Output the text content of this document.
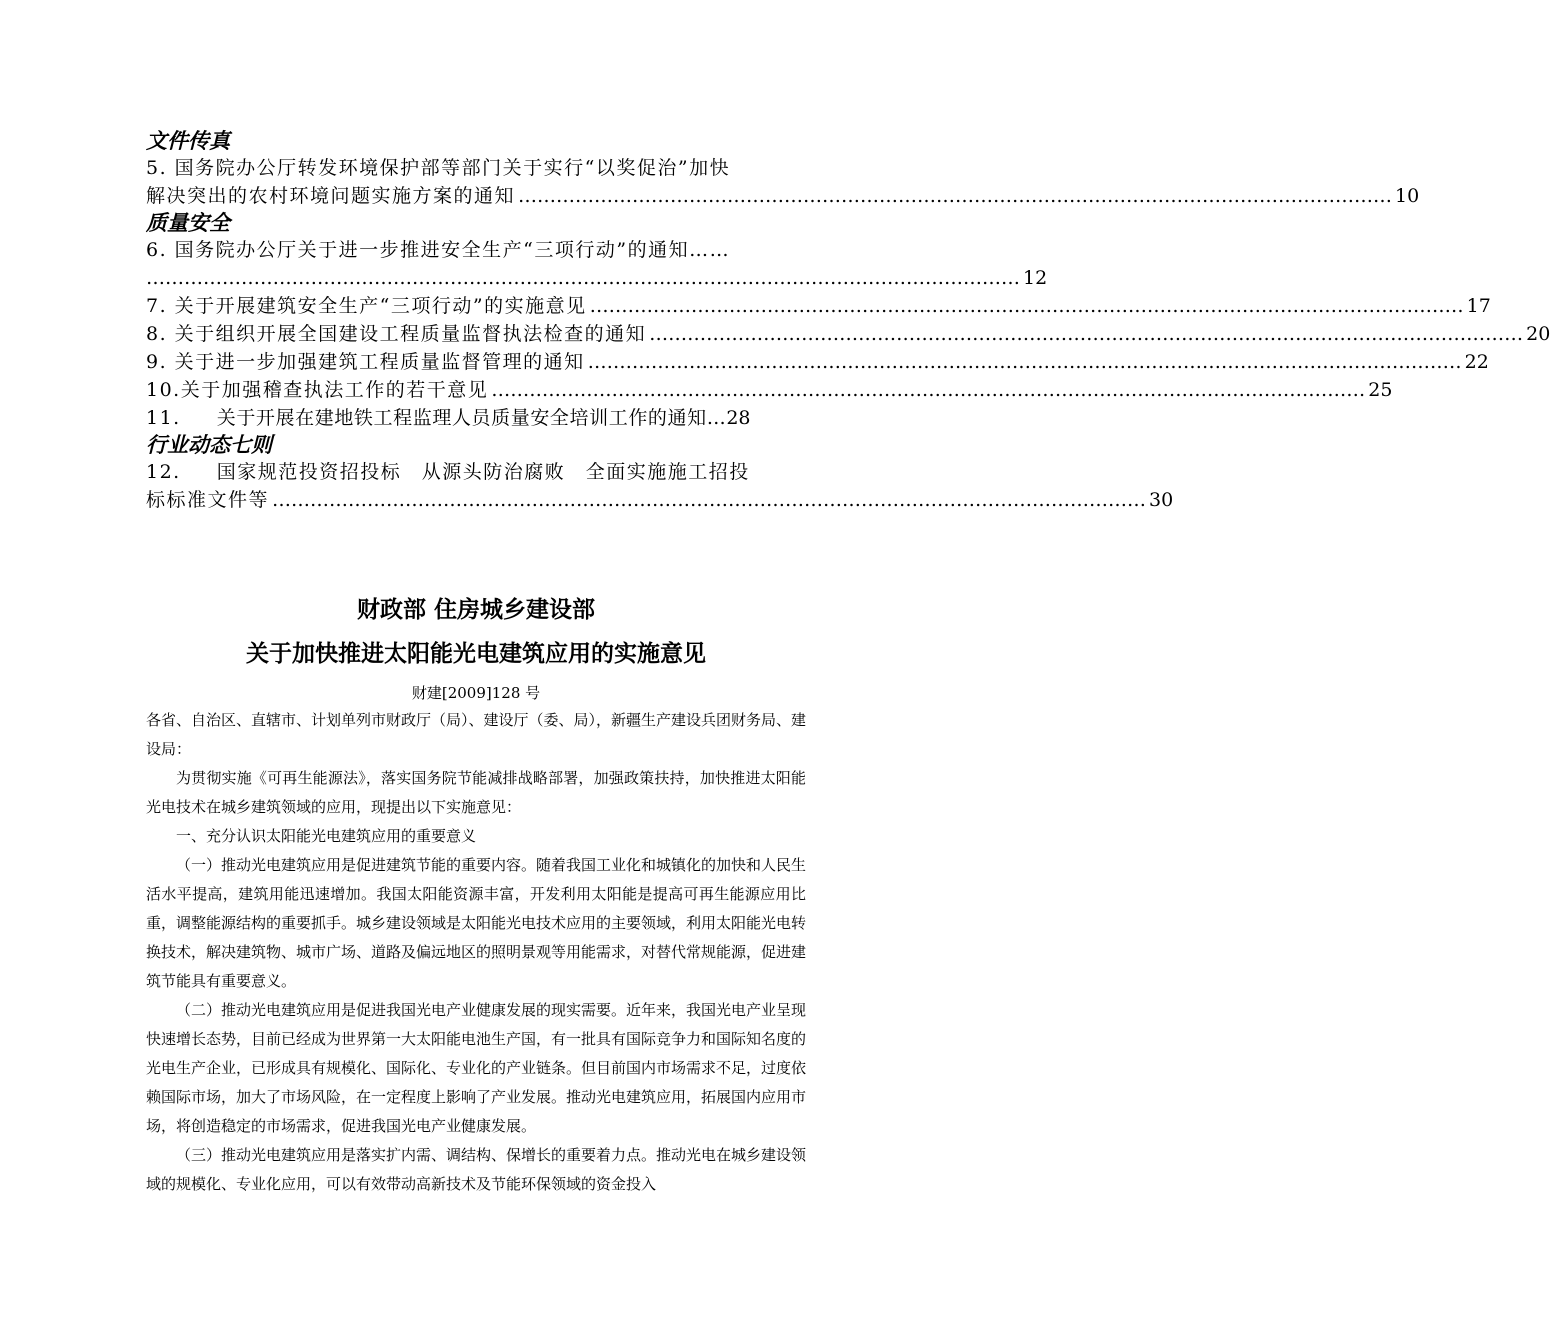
文件传真
5. 国务院办公厅转发环境保护部等部门关于实行“以奖促治”加快
解决突出的农村环境问题实施方案的通知 ………………………………………………………………………………………………………………………… 10
质量安全
6. 国务院办公厅关于进一步推进安全生产“三项行动”的通知……
………………………………………………………………………………………………………………………… 12
7. 关于开展建筑安全生产“三项行动”的实施意见 ………………………………………………………………………………………………………………………… 17
8. 关于组织开展全国建设工程质量监督执法检查的通知 ………………………………………………………………………………………………………………………… 20
9. 关于进一步加强建筑工程质量监督管理的通知 ………………………………………………………………………………………………………………………… 22
10. 关于加强稽查执法工作的若干意见 ………………………………………………………………………………………………………………………… 25
11. 关于开展在建地铁工程监理人员质量安全培训工作的通知… 28
行业动态七则
12. 国家规范投资招投标　从源头防治腐败　全面实施施工招投
标标准文件等 ………………………………………………………………………………………………………………………… 30
财政部 住房城乡建设部
关于加快推进太阳能光电建筑应用的实施意见
财建[2009]128 号

各省、自治区、直辖市、计划单列市财政厅（局）、建设厅（委、局），新疆生产建设兵团财务局、建设局：

为贯彻实施《可再生能源法》，落实国务院节能减排战略部署，加强政策扶持，加快推进太阳能光电技术在城乡建筑领域的应用，现提出以下实施意见：

一、充分认识太阳能光电建筑应用的重要意义

（一）推动光电建筑应用是促进建筑节能的重要内容。随着我国工业化和城镇化的加快和人民生活水平提高，建筑用能迅速增加。我国太阳能资源丰富，开发利用太阳能是提高可再生能源应用比重，调整能源结构的重要抓手。城乡建设领域是太阳能光电技术应用的主要领域，利用太阳能光电转换技术，解决建筑物、城市广场、道路及偏远地区的照明景观等用能需求，对替代常规能源，促进建筑节能具有重要意义。

（二）推动光电建筑应用是促进我国光电产业健康发展的现实需要。近年来，我国光电产业呈现快速增长态势，目前已经成为世界第一大太阳能电池生产国，有一批具有国际竞争力和国际知名度的光电生产企业，已形成具有规模化、国际化、专业化的产业链条。但目前国内市场需求不足，过度依赖国际市场，加大了市场风险，在一定程度上影响了产业发展。推动光电建筑应用，拓展国内应用市场，将创造稳定的市场需求，促进我国光电产业健康发展。

（三）推动光电建筑应用是落实扩内需、调结构、保增长的重要着力点。推动光电在城乡建设领域的规模化、专业化应用，可以有效带动高新技术及节能环保领域的资金投入
